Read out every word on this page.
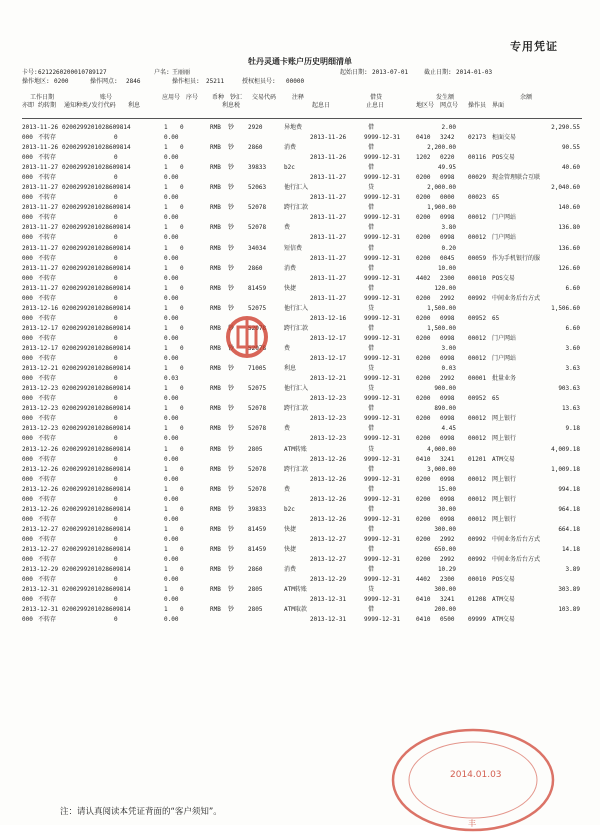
专用凭证
牡丹灵通卡账户历史明细清单
卡号: 6212260200010789127	户名: 王丽丽	起始日期: 2013-07-01	截止日期: 2014-01-03
操作地区: 0200	操作网点: 2846	操作柜员: 25211	授权柜员号: 00000
工作日期	账号	应用号 序号 币种 钞汇 交易代码	注释	借贷	发生额	余额
亦即 约转期 通知种类/发行代码 利息	利息税	起息日	止息日	地区号 网点号 操作员 界面
2013-11-26 0200299201028609814	1 0	RMB 钞 2920	异地费	借	2.00	2,290.55
000 不转存	0	0.00	2013-11-26	9999-12-31	0410 3242 02173 柜面交易
2013-11-26 0200299201028609814	1 0	RMB 钞 2860	消费	借	2,200.00	90.55
000 不转存	0	0.00	2013-11-26	9999-12-31	1202 0220 00116 POS交易
2013-11-27 0200299201028609814	1 0	RMB 钞 39833	b2c	借	49.95	40.60
000 不转存	0	0.00	2013-11-27	9999-12-31	0200 0998 00029 现金管理联合互联
2013-11-27 0200299201028609814	1 0	RMB 钞 52063	他行汇入	贷	2,000.00	2,040.60
000 不转存	0	0.00	2013-11-27	9999-12-31	0200 0000 00023 65
2013-11-27 0200299201028609814	1 0	RMB 钞 52078	跨行汇款	借	1,900.00	140.60
000 不转存	0	0.00	2013-11-27	9999-12-31	0200 0998 00012 门户网站
2013-11-27 0200299201028609814	1 0	RMB 钞 52078	费	借	3.80	136.80
000 不转存	0	0.00	2013-11-27	9999-12-31	0200 0998 00012 门户网站
2013-11-27 0200299201028609814	1 0	RMB 钞 34034	短信费	借	0.20	136.60
000 不转存	0	0.00	2013-11-27	9999-12-31	0200 0045 00059 作为手机银行的服
2013-11-27 0200299201028609814	1 0	RMB 钞 2860	消费	借	10.00	126.60
000 不转存	0	0.00	2013-11-27	9999-12-31	4402 2300 00010 POS交易
2013-11-27 0200299201028609814	1 0	RMB 钞 81459	快捷	借	120.00	6.60
000 不转存	0	0.00	2013-11-27	9999-12-31	0200 2992 00992 中间业务后台方式
2013-12-16 0200299201028609814	1 0	RMB 钞 52075	他行汇入	贷	1,500.00	1,506.60
000 不转存	0	0.00	2013-12-16	9999-12-31	0200 0998 00952 65
2013-12-17 0200299201028609814	1 0	RMB 钞 52078	跨行汇款	借	1,500.00	6.60
000 不转存	0	0.00	2013-12-17	9999-12-31	0200 0998 00012 门户网站
2013-12-17 0200299201028609814	1 0	RMB 钞 52078	费	借	3.00	3.60
000 不转存	0	0.00	2013-12-17	9999-12-31	0200 0998 00012 门户网站
2013-12-21 0200299201028609814	1 0	RMB 钞 71005	利息	贷	0.03	3.63
000 不转存	0	0.03	2013-12-21	9999-12-31	0200 2992 00001 批量业务
2013-12-23 0200299201028609814	1 0	RMB 钞 52075	他行汇入	贷	900.00	903.63
000 不转存	0	0.00	2013-12-23	9999-12-31	0200 0998 00952 65
2013-12-23 0200299201028609814	1 0	RMB 钞 52078	跨行汇款	借	890.00	13.63
000 不转存	0	0.00	2013-12-23	9999-12-31	0200 0998 00012 网上银行
2013-12-23 0200299201028609814	1 0	RMB 钞 52078	费	借	4.45	9.18
000 不转存	0	0.00	2013-12-23	9999-12-31	0200 0998 00012 网上银行
2013-12-26 0200299201028609814	1 0	RMB 钞 2805	ATM转账	贷	4,000.00	4,009.18
000 不转存	0	0.00	2013-12-26	9999-12-31	0410 3241 01201 ATM交易
2013-12-26 0200299201028609814	1 0	RMB 钞 52078	跨行汇款	借	3,000.00	1,009.18
000 不转存	0	0.00	2013-12-26	9999-12-31	0200 0998 00012 网上银行
2013-12-26 0200299201028609814	1 0	RMB 钞 52078	费	借	15.00	994.18
000 不转存	0	0.00	2013-12-26	9999-12-31	0200 0998 00012 网上银行
2013-12-26 0200299201028609814	1 0	RMB 钞 39833	b2c	借	30.00	964.18
000 不转存	0	0.00	2013-12-26	9999-12-31	0200 0998 00012 网上银行
2013-12-27 0200299201028609814	1 0	RMB 钞 81459	快捷	借	300.00	664.18
000 不转存	0	0.00	2013-12-27	9999-12-31	0200 2992 00992 中间业务后台方式
2013-12-27 0200299201028609814	1 0	RMB 钞 81459	快捷	借	650.00	14.18
000 不转存	0	0.00	2013-12-27	9999-12-31	0200 2992 00992 中间业务后台方式
2013-12-29 0200299201028609814	1 0	RMB 钞 2860	消费	借	10.29	3.89
000 不转存	0	0.00	2013-12-29	9999-12-31	4402 2300 00010 POS交易
2013-12-31 0200299201028609814	1 0	RMB 钞 2805	ATM转账	贷	300.00	303.89
000 不转存	0	0.00	2013-12-31	9999-12-31	0410 3241 01208 ATM交易
2013-12-31 0200299201028609814	1 0	RMB 钞 2805	ATM取款	借	200.00	103.89
000 不转存	0	0.00	2013-12-31	9999-12-31	0410 0500 09999 ATM交易
2014.01.03
丰
注：请认真阅读本凭证背面的“客户须知”。
